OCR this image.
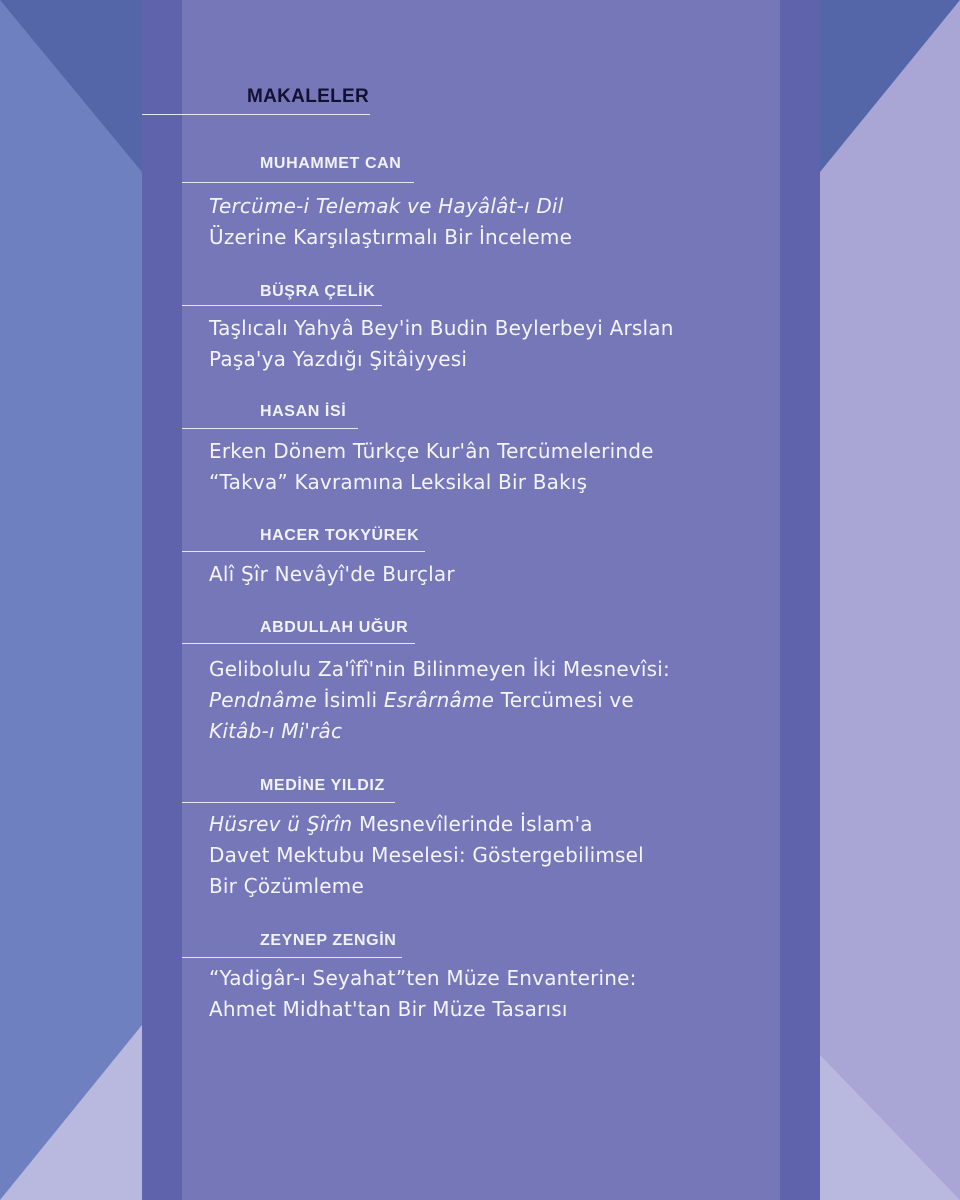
MAKALELER

MUHAMMET CAN

Tercüme-i Telemak ve Hayâlât-ı Dil
Üzerine Karşılaştırmalı Bir İnceleme

BÜŞRA ÇELİK

Taşlıcalı Yahyâ Bey'in Budin Beylerbeyi Arslan
Paşa'ya Yazdığı Şitâiyyesi

HASAN İSİ

Erken Dönem Türkçe Kur'ân Tercümelerinde
“Takva” Kavramına Leksikal Bir Bakış

HACER TOKYÜREK

Alî Şîr Nevâyî'de Burçlar

ABDULLAH UĞUR

Gelibolulu Za'îfî'nin Bilinmeyen İki Mesnevîsi:
Pendnâme İsimli Esrârnâme Tercümesi ve
Kitâb-ı Mi'râc

MEDİNE YILDIZ

Hüsrev ü Şîrîn Mesnevîlerinde İslam'a
Davet Mektubu Meselesi: Göstergebilimsel
Bir Çözümleme

ZEYNEP ZENGİN

“Yadigâr-ı Seyahat”ten Müze Envanterine:
Ahmet Midhat'tan Bir Müze Tasarısı
